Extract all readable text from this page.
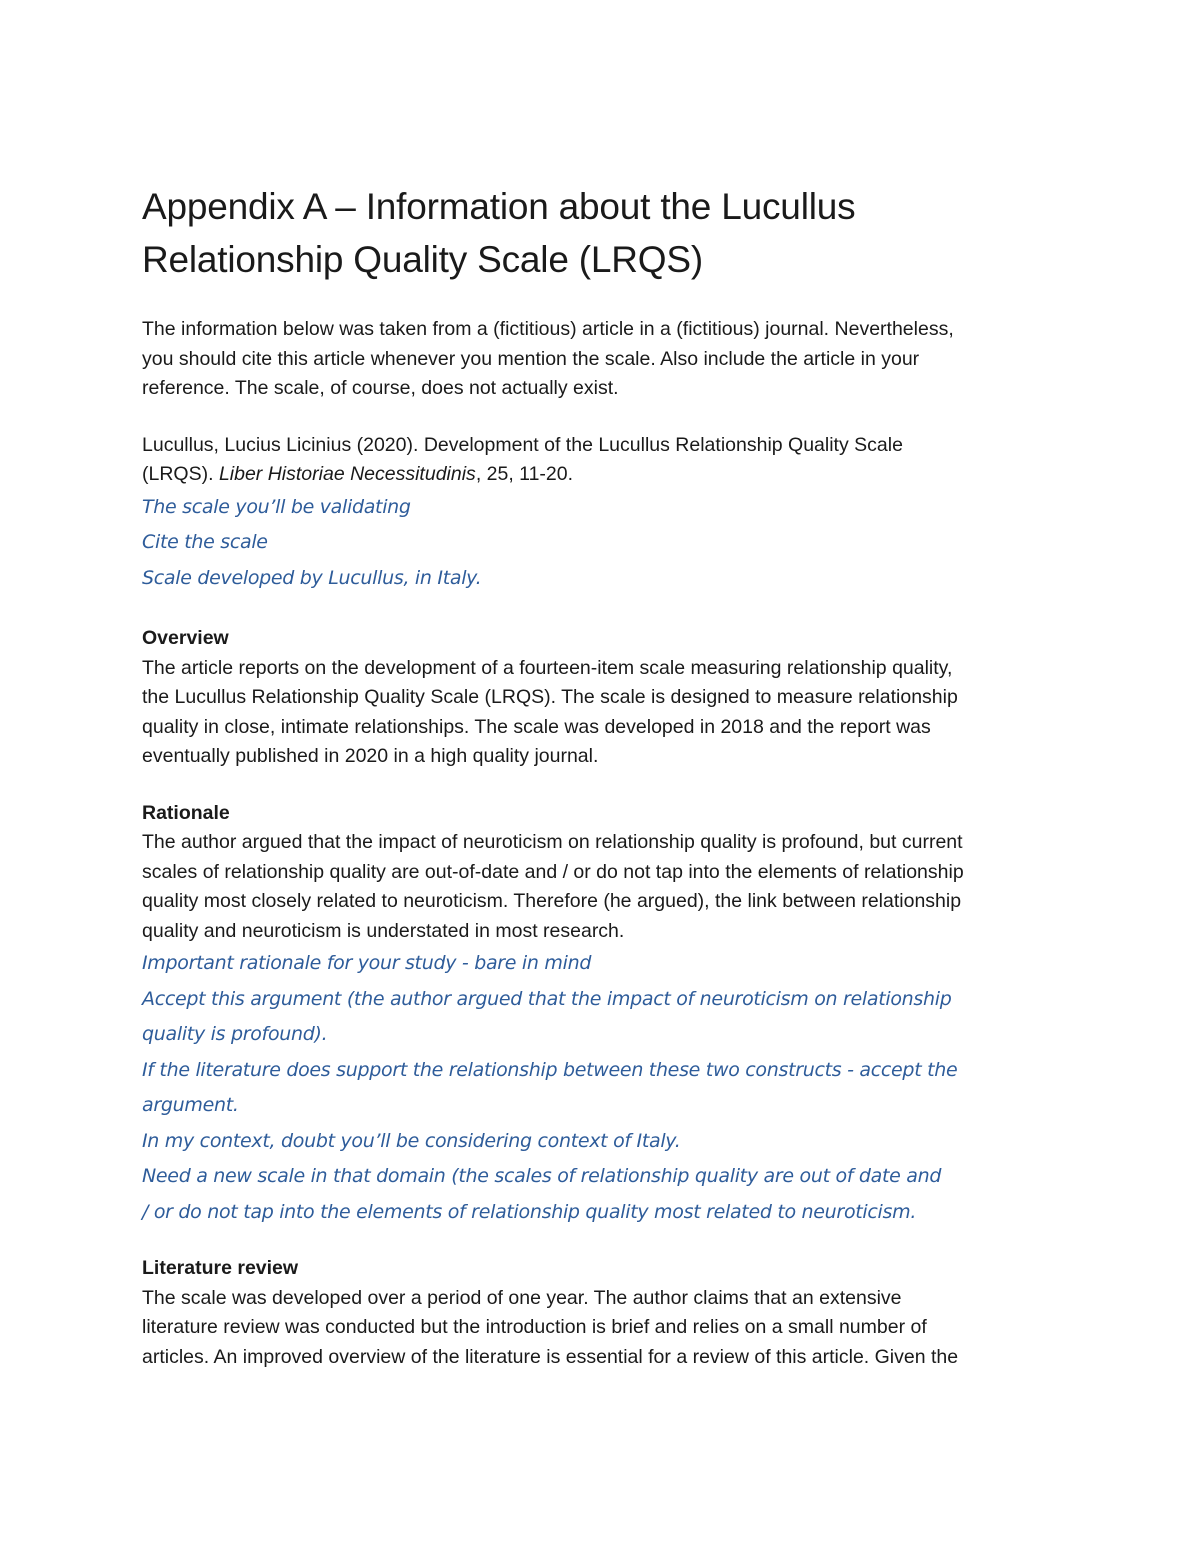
Appendix A – Information about the Lucullus
Relationship Quality Scale (LRQS)

The information below was taken from a (fictitious) article in a (fictitious) journal. Nevertheless,

you should cite this article whenever you mention the scale. Also include the article in your

reference. The scale, of course, does not actually exist.

Lucullus, Lucius Licinius (2020). Development of the Lucullus Relationship Quality Scale

(LRQS). Liber Historiae Necessitudinis, 25, 11-20.

The scale you’ll be validating

Cite the scale

Scale developed by Lucullus, in Italy.

Overview

The article reports on the development of a fourteen-item scale measuring relationship quality,

the Lucullus Relationship Quality Scale (LRQS). The scale is designed to measure relationship

quality in close, intimate relationships. The scale was developed in 2018 and the report was

eventually published in 2020 in a high quality journal.

Rationale

The author argued that the impact of neuroticism on relationship quality is profound, but current

scales of relationship quality are out-of-date and / or do not tap into the elements of relationship

quality most closely related to neuroticism. Therefore (he argued), the link between relationship

quality and neuroticism is understated in most research.

Important rationale for your study - bare in mind

Accept this argument (the author argued that the impact of neuroticism on relationship

quality is profound).

If the literature does support the relationship between these two constructs - accept the

argument.

In my context, doubt you’ll be considering context of Italy.

Need a new scale in that domain (the scales of relationship quality are out of date and

/ or do not tap into the elements of relationship quality most related to neuroticism.

Literature review

The scale was developed over a period of one year. The author claims that an extensive

literature review was conducted but the introduction is brief and relies on a small number of

articles. An improved overview of the literature is essential for a review of this article. Given the
